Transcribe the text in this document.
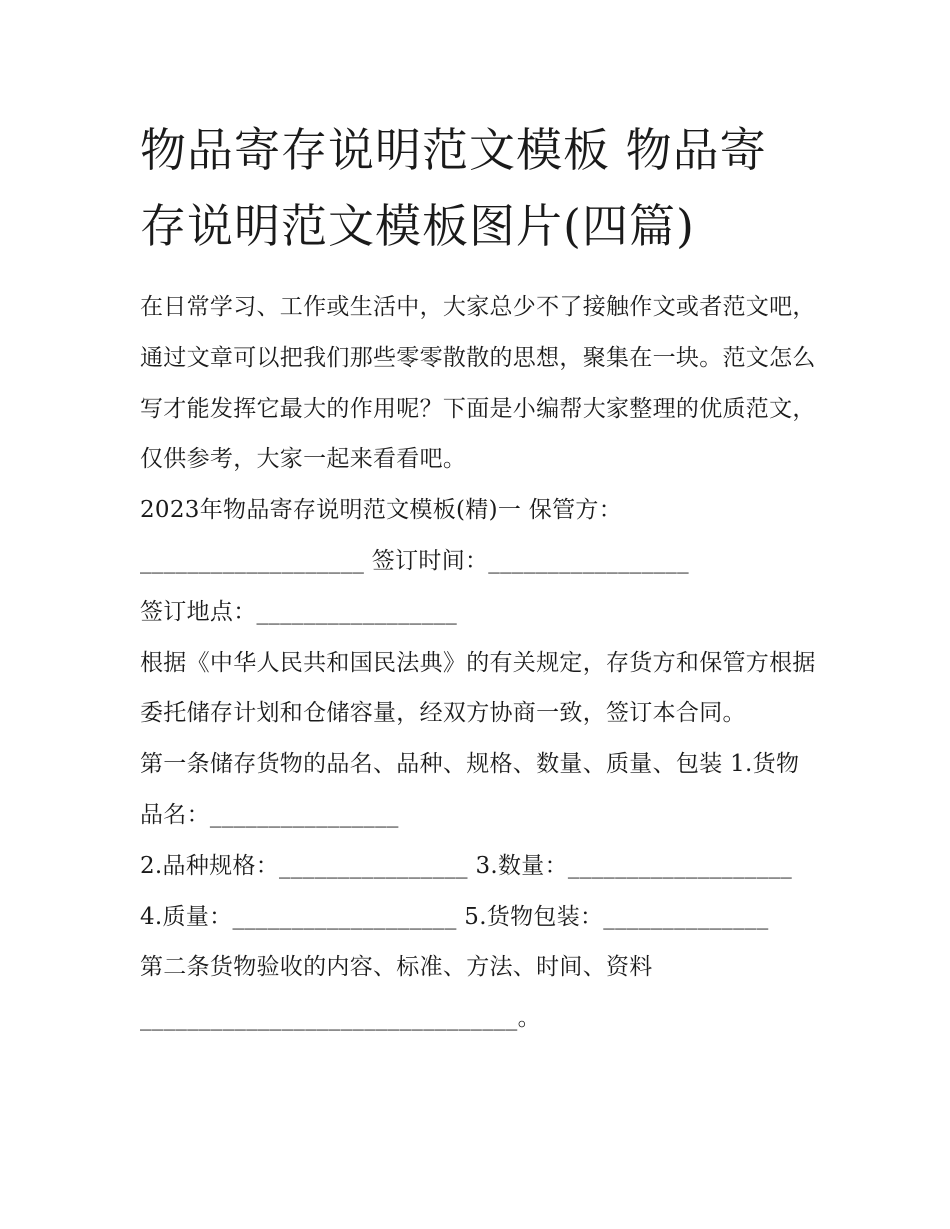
物品寄存说明范文模板 物品寄
存说明范文模板图片(四篇)

在日常学习、工作或生活中，大家总少不了接触作文或者范文吧，通过文章可以把我们那些零零散散的思想，聚集在一块。范文怎么写才能发挥它最大的作用呢？下面是小编帮大家整理的优质范文，仅供参考，大家一起来看看吧。

2023年物品寄存说明范文模板(精)一 保管方：

___________________ 签订时间：_________________

签订地点：_________________

根据《中华人民共和国民法典》的有关规定，存货方和保管方根据委托储存计划和仓储容量，经双方协商一致，签订本合同。

第一条储存货物的品名、品种、规格、数量、质量、包装 1.货物品名：________________

2.品种规格：________________ 3.数量：___________________

4.质量：___________________ 5.货物包装：______________

第二条货物验收的内容、标准、方法、时间、资料

________________________________。
